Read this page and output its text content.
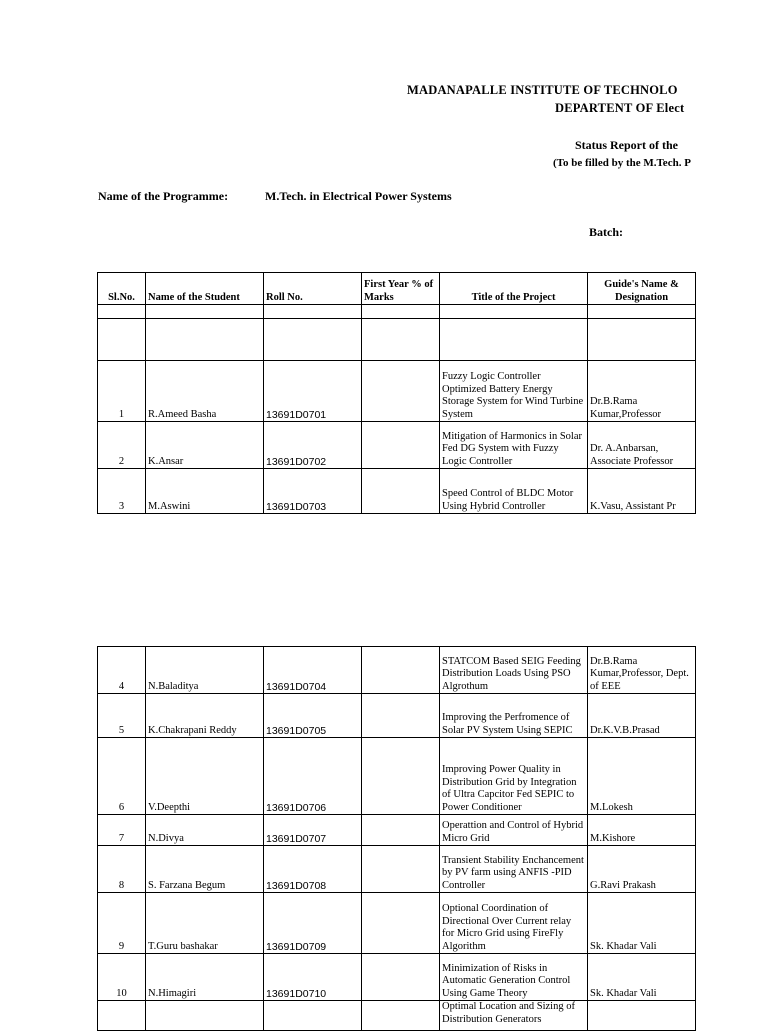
MADANAPALLE INSTITUTE OF TECHNOLO
DEPARTENT OF Elect
Status Report of the
(To be filled by the M.Tech. P
Name of the Programme:	M.Tech. in Electrical Power Systems
Batch:
Sl.No.	Name of the Student	Roll No.	First Year % of Marks	Title of the Project	Guide's Name & Designation

1	R.Ameed Basha	13691D0701		Fuzzy Logic Controller Optimized Battery Energy Storage System for Wind Turbine System	Dr.B.Rama Kumar,Professor
2	K.Ansar	13691D0702		Mitigation of Harmonics in Solar Fed DG System with Fuzzy Logic Controller	Dr. A.Anbarsan, Associate Professor
3	M.Aswini	13691D0703		Speed Control of BLDC Motor Using Hybrid Controller	K.Vasu, Assistant Pr
4	N.Baladitya	13691D0704		STATCOM Based SEIG Feeding Distribution Loads Using PSO Algrothum	Dr.B.Rama Kumar,Professor, Dept. of EEE
5	K.Chakrapani Reddy	13691D0705		Improving the Perfromence of Solar PV System Using SEPIC	Dr.K.V.B.Prasad
6	V.Deepthi	13691D0706		Improving Power Quality in Distribution Grid by Integration of Ultra Capcitor Fed SEPIC to Power Conditioner	M.Lokesh
7	N.Divya	13691D0707		Operattion and Control of Hybrid Micro Grid	M.Kishore
8	S. Farzana Begum	13691D0708		Transient Stability Enchancement by PV farm using ANFIS -PID Controller	G.Ravi Prakash
9	T.Guru bashakar	13691D0709		Optional Coordination of Directional Over Current relay for Micro Grid using FireFly Algorithm	Sk. Khadar Vali
10	N.Himagiri	13691D0710		Minimization of Risks in Automatic Generation Control Using Game Theory	Sk. Khadar Vali
				Optimal Location and Sizing of Distribution Generators	
